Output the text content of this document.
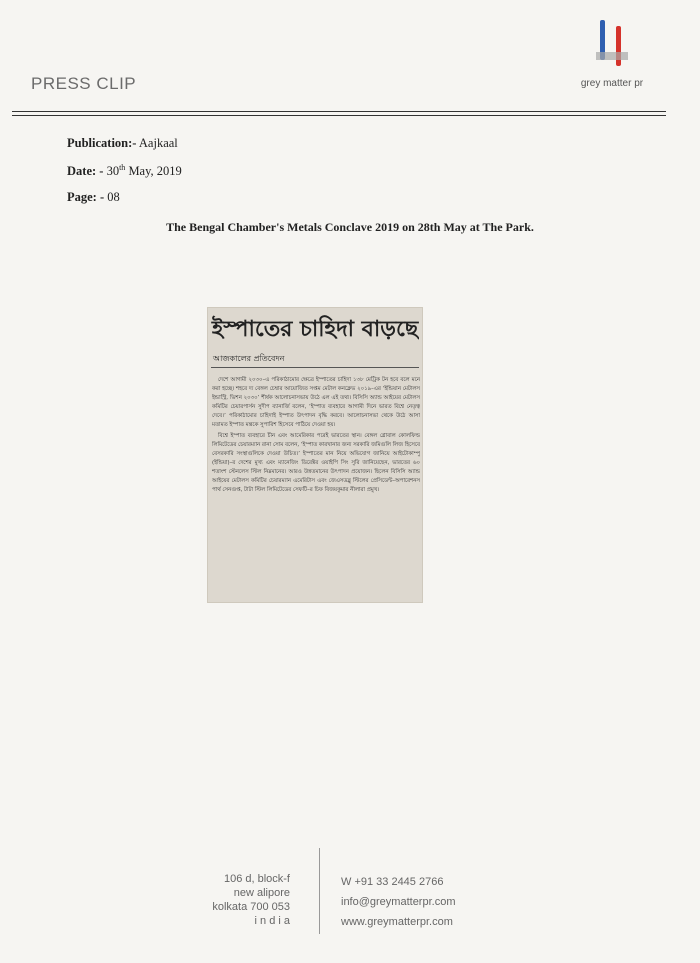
PRESS CLIP	grey matter pr
Publication:- Aajkaal
Date: - 30th May, 2019
Page: - 08
The Bengal Chamber's Metals Conclave 2019 on 28th May at The Park.
ইস্পাতের চাহিদা বাড়ছে
আজকালের প্রতিবেদন

দেশে আগামী ২০৩০–এ পরিকাঠামোর ক্ষেত্রে ইস্পাতের চাহিদা ১৩৮ মেট্রিক টন হবে বলে মনে করা হচ্ছে। শহরে দ্য বেঙ্গল চেম্বার আয়োজিত সপ্তম মেটাল কনক্লেভ ২০১৯–এর ‘ইন্ডিয়ান মেটালস ইন্ডাস্ট্রি, ভিশন ২০৩০’ শীর্ষক আলোচনাসভায় উঠে এল এই তথ্য। বিসিসি অ্যান্ড আইয়ের মেটালস কমিটির চেয়ারপার্সন সুদীপ ব্যানার্জি বলেন, ‘ইস্পাত ব্যবহারে আগামী দিনে ভারত বিশ্বে নেতৃত্ব দেবে।’ পরিকাঠামোর চাহিদাই ইস্পাত উৎপাদন বৃদ্ধি করবে। আলোচনাসভা থেকে উঠে আসা মতামত ইস্পাত মন্ত্রকে সুপারিশ হিসেবে পাঠিয়ে দেওয়া হয়।

বিশ্বে ইস্পাত ব্যবহারে চীন এবং আমেরিকার পরেই ভারতের স্থান। বেঙ্গল গ্লোবাল কোলফিল্ড লিমিটেডের চেয়ারম্যান রানা সোম বলেন, ‘ইস্পাত কারখানার জন্য সরকারি জমিগুলি লিজ হিসেবে বেসরকারি সংস্থাগুলিকে দেওয়া উচিত।’ ইস্পাতের মান নিয়ে অভিযোগ জানিয়ে আইটোকাম্পু (ইন্ডিয়া)–র দেশের মুখ্য এবং ম্যানেজিং ডিরেক্টর ওয়াইপি সিং সুরি জানিয়েছেন, ভারতের ৬০ শতাংশ স্টেনলেস স্টিল নিম্নমানের। আরও উন্নতমানের উৎপাদন প্রয়োজন। ছিলেন বিসিসি অ্যান্ড আইয়ের মেটালস কমিটির চেয়ারম্যান এমেরিটাস এবং জেএসডব্লু স্টিলের প্রেসিডেন্ট–অপারেশনস পার্থ সেনগুপ্ত, টাটা স্টিল লিমিটেডের সেফটি–র চিফ বিজয়কুমার নীলারা প্রমুখ।

106 d, block-f
new alipore
kolkata 700 053
i n d i a
W +91 33 2445 2766
info@greymatterpr.com
www.greymatterpr.com
